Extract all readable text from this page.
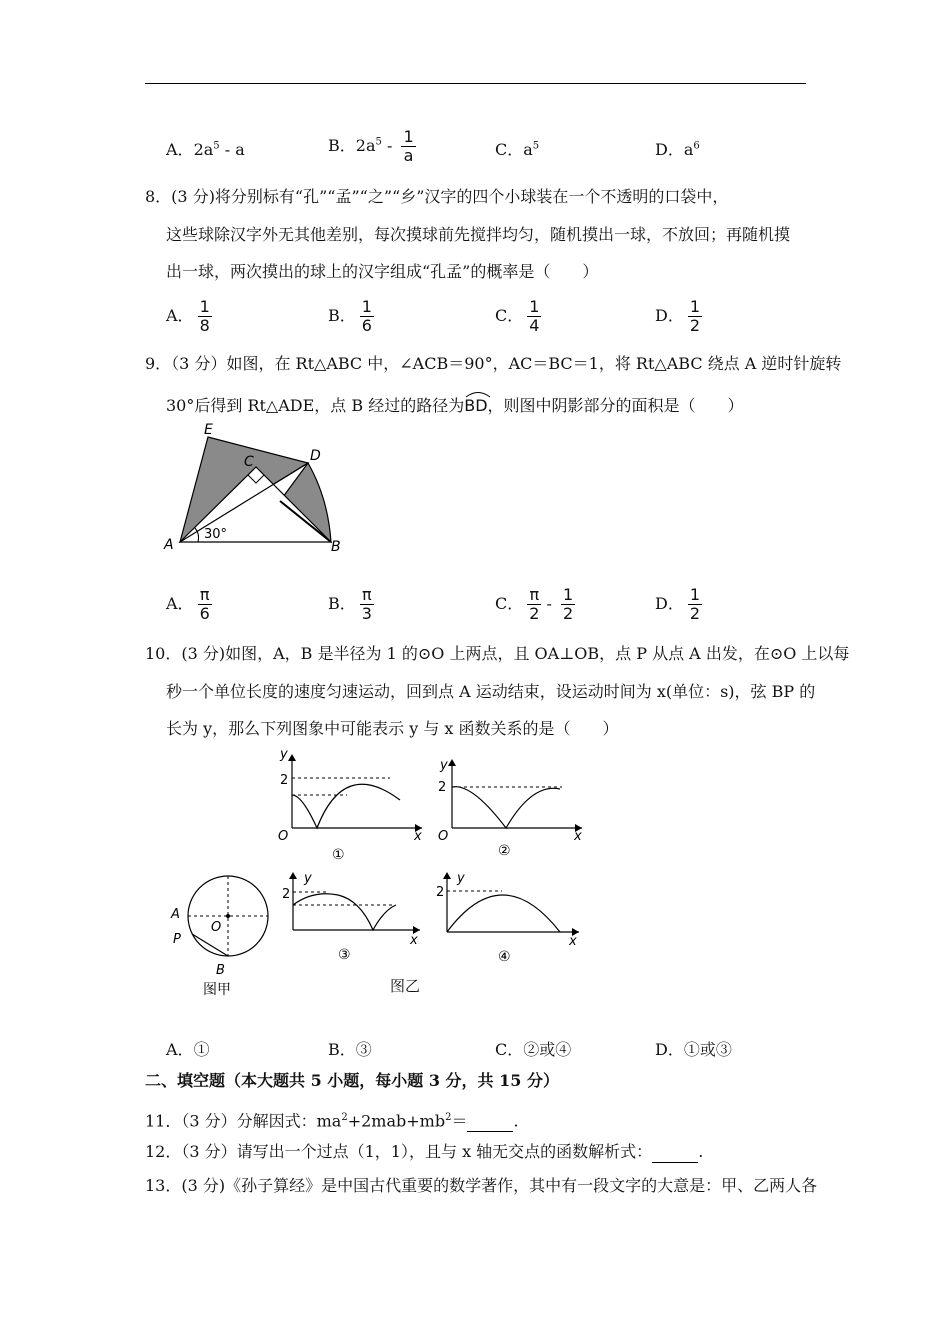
A．$2a^5$ - a	B．$2a^5 - \frac{1}{a}$	C．$a^5$	D．$a^6$
8．(3 分)将分别标有“孔”“孟”“之”“乡”汉字的四个小球装在一个不透明的口袋中，
这些球除汉字外无其他差别，每次摸球前先搅拌均匀，随机摸出一球，不放回；再随机摸
出一球，两次摸出的球上的汉字组成“孔孟”的概率是（　　）
A． $\frac{1}{8}$	B． $\frac{1}{6}$	C． $\frac{1}{4}$	D． $\frac{1}{2}$
9．（3 分）如图，在 Rt△ABC 中，∠ACB＝90°，AC＝BC＝1，将 Rt△ABC 绕点 A 逆时针旋转
30°后得到 Rt△ADE，点 B 经过的路径为
BD，则图中阴影部分的面积是（　　）
30°
E
C	D
A	B
A． $\frac{\pi}{6}$	B． $\frac{\pi}{3}$	C． $\frac{\pi}{2} - \frac{1}{2}$	D． $\frac{1}{2}$
10．(3 分)如图，A，B 是半径为 1 的⊙O 上两点，且 OA⊥OB，点 P 从点 A 出发，在⊙O 上以每
秒一个单位长度的速度匀速运动，回到点 A 运动结束，设运动时间为 x(单位：s)，弦 BP 的
长为 y，那么下列图象中可能表示 y 与 x 函数关系的是（　　）
y
2
O	x
①
y
2
O	x
②
A
P
O
B
图甲
y
2
x
③
图乙
y
2
x
④
A．①	B．③	C．②或④	D．①或③
二、填空题（本大题共 5 小题，每小题 3 分，共 15 分）
11．（3 分）分解因式：$ma^2+2mab+mb^2=$	.
12．（3 分）请写出一个过点（1，1），且与 x 轴无交点的函数解析式：	.
13．(3 分)《孙子算经》是中国古代重要的数学著作，其中有一段文字的大意是：甲、乙两人各
